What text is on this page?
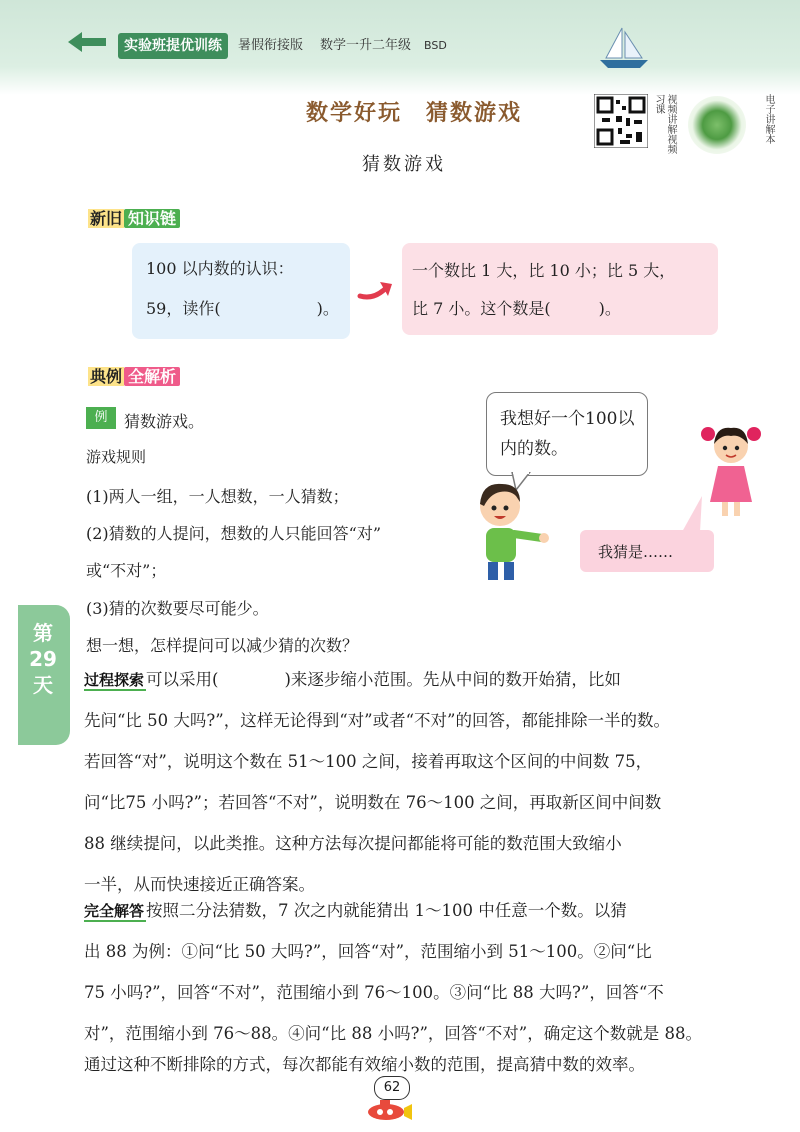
实验班提优训练	暑假衔接版 数学一升二年级 BSD
数学好玩　猜数游戏
猜数游戏
视频讲解视频习课	电子讲解本
新旧 知识链
100 以内数的认识：
59，读作(　　　　　　)。
一个数比 1 大，比 10 小；比 5 大，
比 7 小。这个数是(　　　)。
典例 全解析
例	猜数游戏。
游戏规则
(1)两人一组，一人想数，一人猜数；
(2)猜数的人提问，想数的人只能回答“对”
或“不对”；
(3)猜的次数要尽可能少。
想一想，怎样提问可以减少猜的次数？
我想好一个100以内的数。
我猜是……
第29天	过程探索 可以采用(　　　　)来逐步缩小范围。先从中间的数开始猜，比如
先问“比 50 大吗?”，这样无论得到“对”或者“不对”的回答，都能排除一半的数。
若回答“对”，说明这个数在 51～100 之间，接着再取这个区间的中间数 75，
问“比75 小吗?”；若回答“不对”，说明数在 76～100 之间，再取新区间中间数
88 继续提问，以此类推。这种方法每次提问都能将可能的数范围大致缩小
一半，从而快速接近正确答案。
完全解答 按照二分法猜数，7 次之内就能猜出 1～100 中任意一个数。以猜
出 88 为例：①问“比 50 大吗?”，回答“对”，范围缩小到 51～100。②问“比
75 小吗?”，回答“不对”，范围缩小到 76～100。③问“比 88 大吗?”，回答“不
对”，范围缩小到 76～88。④问“比 88 小吗?”，回答“不对”，确定这个数就是 88。
通过这种不断排除的方式，每次都能有效缩小数的范围，提高猜中数的效率。
62
